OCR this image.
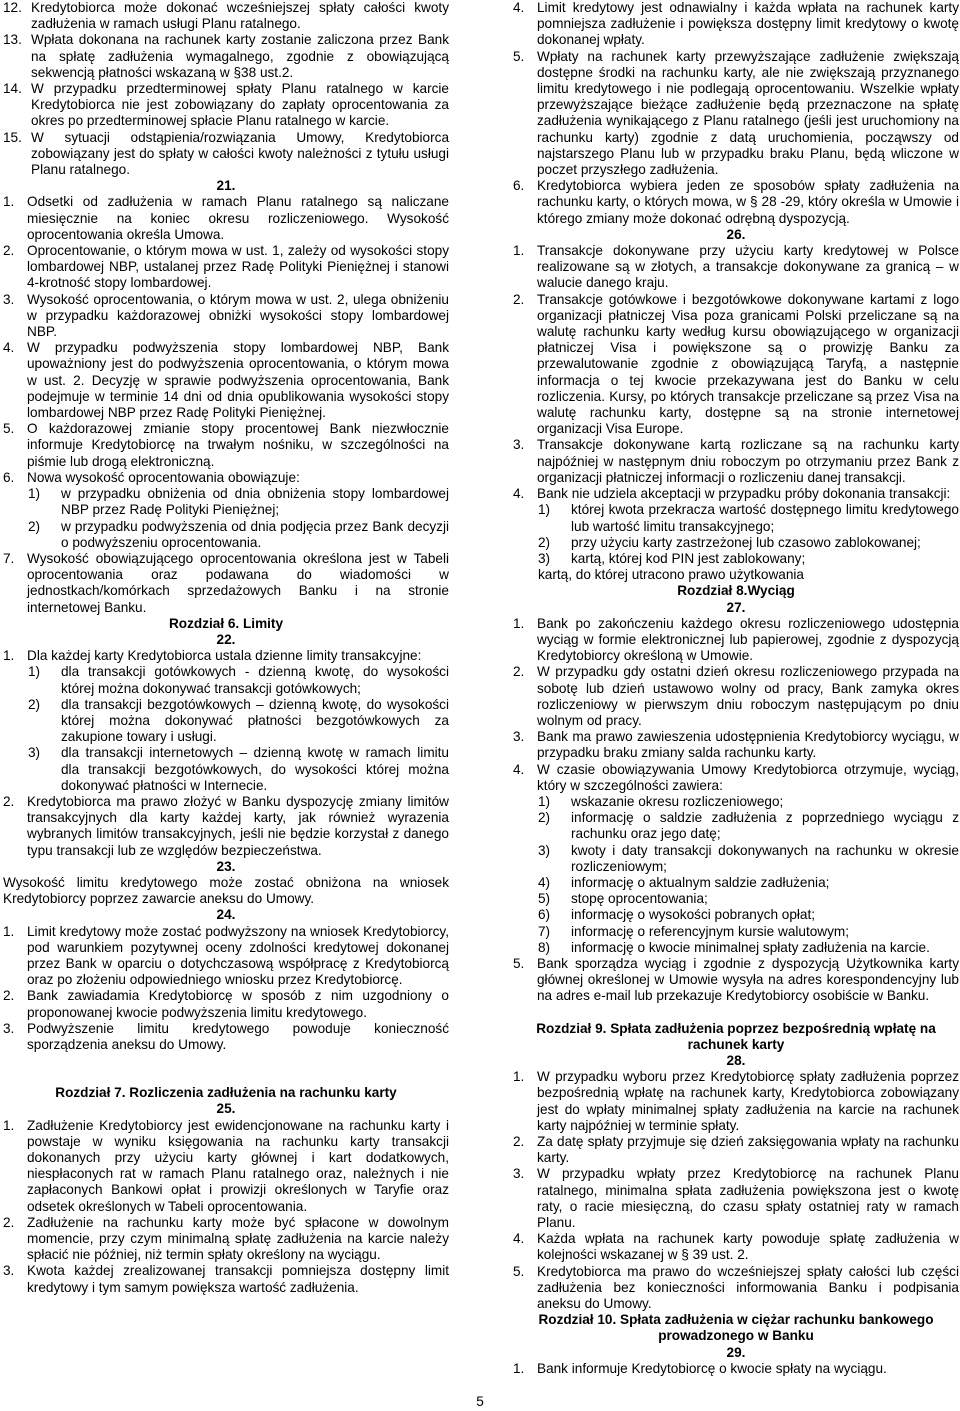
12. Kredytobiorca może dokonać wcześniejszej spłaty całości kwoty zadłużenia w ramach usługi Planu ratalnego.
13. Wpłata dokonana na rachunek karty zostanie zaliczona przez Bank na spłatę zadłużenia wymagalnego, zgodnie z obowiązującą sekwencją płatności wskazaną w §38 ust.2.
14. W przypadku przedterminowej spłaty Planu ratalnego w karcie Kredytobiorca nie jest zobowiązany do zapłaty oprocentowania za okres po przedterminowej spłacie Planu ratalnego w karcie.
15. W sytuacji odstąpienia/rozwiązania Umowy, Kredytobiorca zobowiązany jest do spłaty w całości kwoty należności z tytułu usługi Planu ratalnego.
21.
1. Odsetki od zadłużenia w ramach Planu ratalnego są naliczane miesięcznie na koniec okresu rozliczeniowego. Wysokość oprocentowania określa Umowa.
2. Oprocentowanie, o którym mowa w ust. 1, zależy od wysokości stopy lombardowej NBP, ustalanej przez Radę Polityki Pieniężnej i stanowi 4-krotność stopy lombardowej.
3. Wysokość oprocentowania, o którym mowa w ust. 2, ulega obniżeniu w przypadku każdorazowej obniżki wysokości stopy lombardowej NBP.
4. W przypadku podwyższenia stopy lombardowej NBP, Bank upoważniony jest do podwyższenia oprocentowania, o którym mowa w ust. 2. Decyzję w sprawie podwyższenia oprocentowania, Bank podejmuje w terminie 14 dni od dnia opublikowania wysokości stopy lombardowej NBP przez Radę Polityki Pieniężnej.
5. O każdorazowej zmianie stopy procentowej Bank niezwłocznie informuje Kredytobiorcę na trwałym nośniku, w szczególności na piśmie lub drogą elektroniczną.
6. Nowa wysokość oprocentowania obowiązuje:
1)	w przypadku obniżenia od dnia obniżenia stopy lombardowej NBP przez Radę Polityki Pieniężnej;
2)	w przypadku podwyższenia od dnia podjęcia przez Bank decyzji o podwyższeniu oprocentowania.
7. Wysokość obowiązującego oprocentowania określona jest w Tabeli oprocentowania oraz podawana do wiadomości w jednostkach/komórkach sprzedażowych Banku i na stronie internetowej Banku.
Rozdział 6. Limity
22.
1. Dla każdej karty Kredytobiorca ustala dzienne limity transakcyjne:
1)	dla transakcji gotówkowych - dzienną kwotę, do wysokości której można dokonywać transakcji gotówkowych;
2)	dla transakcji bezgotówkowych – dzienną kwotę, do wysokości której można dokonywać płatności bezgotówkowych za zakupione towary i usługi.
3)	dla transakcji internetowych – dzienną kwotę w ramach limitu dla transakcji bezgotówkowych, do wysokości której można dokonywać płatności w Internecie.
2. Kredytobiorca ma prawo złożyć w Banku dyspozycję zmiany limitów transakcyjnych dla karty każdej karty, jak również wyrazenia wybranych limitów transakcyjnych, jeśli nie będzie korzystał z danego typu transakcji lub ze względów bezpieczeństwa.
23.
Wysokość limitu kredytowego może zostać obniżona na wniosek Kredytobiorcy poprzez zawarcie aneksu do Umowy.
24.
1. Limit kredytowy może zostać podwyższony na wniosek Kredytobiorcy, pod warunkiem pozytywnej oceny zdolności kredytowej dokonanej przez Bank w oparciu o dotychczasową współpracę z Kredytobiorcą oraz po złożeniu odpowiedniego wniosku przez Kredytobiorcę.
2. Bank zawiadamia Kredytobiorcę w sposób z nim uzgodniony o proponowanej kwocie podwyższenia limitu kredytowego.
3. Podwyższenie limitu kredytowego powoduje konieczność sporządzenia aneksu do Umowy.
Rozdział 7. Rozliczenia zadłużenia na rachunku karty
25.
1. Zadłużenie Kredytobiorcy jest ewidencjonowane na rachunku karty i powstaje w wyniku księgowania na rachunku karty transakcji dokonanych przy użyciu karty głównej i kart dodatkowych, niespłaconych rat w ramach Planu ratalnego oraz, należnych i nie zapłaconych Bankowi opłat i prowizji określonych w Taryfie oraz odsetek określonych w Tabeli oprocentowania.
2. Zadłużenie na rachunku karty może być spłacone w dowolnym momencie, przy czym minimalną spłatę zadłużenia na karcie należy spłacić nie później, niż termin spłaty określony na wyciągu.
3. Kwota każdej zrealizowanej transakcji pomniejsza dostępny limit kredytowy i tym samym powiększa wartość zadłużenia.
4. Limit kredytowy jest odnawialny i każda wpłata na rachunek karty pomniejsza zadłużenie i powiększa dostępny limit kredytowy o kwotę dokonanej wpłaty.
5. Wpłaty na rachunek karty przewyższające zadłużenie zwiększają dostępne środki na rachunku karty, ale nie zwiększają przyznanego limitu kredytowego i nie podlegają oprocentowaniu. Wszelkie wpłaty przewyższające bieżące zadłużenie będą przeznaczone na spłatę zadłużenia wynikającego z Planu ratalnego (jeśli jest uruchomiony na rachunku karty) zgodnie z datą uruchomienia, począwszy od najstarszego Planu lub w przypadku braku Planu, będą wliczone w poczet przyszłego zadłużenia.
6. Kredytobiorca wybiera jeden ze sposobów spłaty zadłużenia na rachunku karty, o których mowa, w § 28 -29, który określa w Umowie i którego zmiany może dokonać odrębną dyspozycją.
26.
1. Transakcje dokonywane przy użyciu karty kredytowej w Polsce realizowane są w złotych, a transakcje dokonywane za granicą – w walucie danego kraju.
2. Transakcje gotówkowe i bezgotówkowe dokonywane kartami z logo organizacji płatniczej Visa poza granicami Polski przeliczane są na walutę rachunku karty według kursu obowiązującego w organizacji płatniczej Visa i powiększone są o prowizję Banku za przewalutowanie zgodnie z obowiązującą Taryfą, a następnie informacja o tej kwocie przekazywana jest do Banku w celu rozliczenia. Kursy, po których transakcje przeliczane są przez Visa na walutę rachunku karty, dostępne są na stronie internetowej organizacji Visa Europe.
3. Transakcje dokonywane kartą rozliczane są na rachunku karty najpóźniej w następnym dniu roboczym po otrzymaniu przez Bank z organizacji płatniczej informacji o rozliczeniu danej transakcji.
4. Bank nie udziela akceptacji w przypadku próby dokonania transakcji:
1)	której kwota przekracza wartość dostępnego limitu kredytowego lub wartość limitu transakcyjnego;
2)	przy użyciu karty zastrzeżonej lub czasowo zablokowanej;
3)	kartą, której kod PIN jest zablokowany;
kartą, do której utracono prawo użytkowania
Rozdział 8.Wyciąg
27.
1. Bank po zakończeniu każdego okresu rozliczeniowego udostępnia wyciąg w formie elektronicznej lub papierowej, zgodnie z dyspozycją Kredytobiorcy określoną w Umowie.
2. W przypadku gdy ostatni dzień okresu rozliczeniowego przypada na sobotę lub dzień ustawowo wolny od pracy, Bank zamyka okres rozliczeniowy w pierwszym dniu roboczym następującym po dniu wolnym od pracy.
3. Bank ma prawo zawieszenia udostępnienia Kredytobiorcy wyciągu, w przypadku braku zmiany salda rachunku karty.
4. W czasie obowiązywania Umowy Kredytobiorca otrzymuje, wyciąg, który w szczególności zawiera:
1)	wskazanie okresu rozliczeniowego;
2)	informację o saldzie zadłużenia z poprzedniego wyciągu z rachunku oraz jego datę;
3)	kwoty i daty transakcji dokonywanych na rachunku w okresie rozliczeniowym;
4)	informację o aktualnym saldzie zadłużenia;
5)	stopę oprocentowania;
6)	informację o wysokości pobranych opłat;
7)	informację o referencyjnym kursie walutowym;
8)	informację o kwocie minimalnej spłaty zadłużenia na karcie.
5. Bank sporządza wyciąg i zgodnie z dyspozycją Użytkownika karty głównej określonej w Umowie wysyła na adres korespondencyjny lub na adres e-mail lub przekazuje Kredytobiorcy osobiście w Banku.
Rozdział 9. Spłata zadłużenia poprzez bezpośrednią wpłatę na rachunek karty
28.
1. W przypadku wyboru przez Kredytobiorcę spłaty zadłużenia poprzez bezpośrednią wpłatę na rachunek karty, Kredytobiorca zobowiązany jest do wpłaty minimalnej spłaty zadłużenia na karcie na rachunek karty najpóźniej w terminie spłaty.
2. Za datę spłaty przyjmuje się dzień zaksięgowania wpłaty na rachunku karty.
3. W przypadku wpłaty przez Kredytobiorcę na rachunek Planu ratalnego, minimalna spłata zadłużenia powiększona jest o kwotę raty, o racie miesięczną, do czasu spłaty ostatniej raty w ramach Planu.
4. Każda wpłata na rachunek karty powoduje spłatę zadłużenia w kolejności wskazanej w § 39 ust. 2.
5. Kredytobiorca ma prawo do wcześniejszej spłaty całości lub części zadłużenia bez konieczności informowania Banku i podpisania aneksu do Umowy.
Rozdział 10. Spłata zadłużenia w ciężar rachunku bankowego prowadzonego w Banku
29.
1. Bank informuje Kredytobiorcę o kwocie spłaty na wyciągu.
5
